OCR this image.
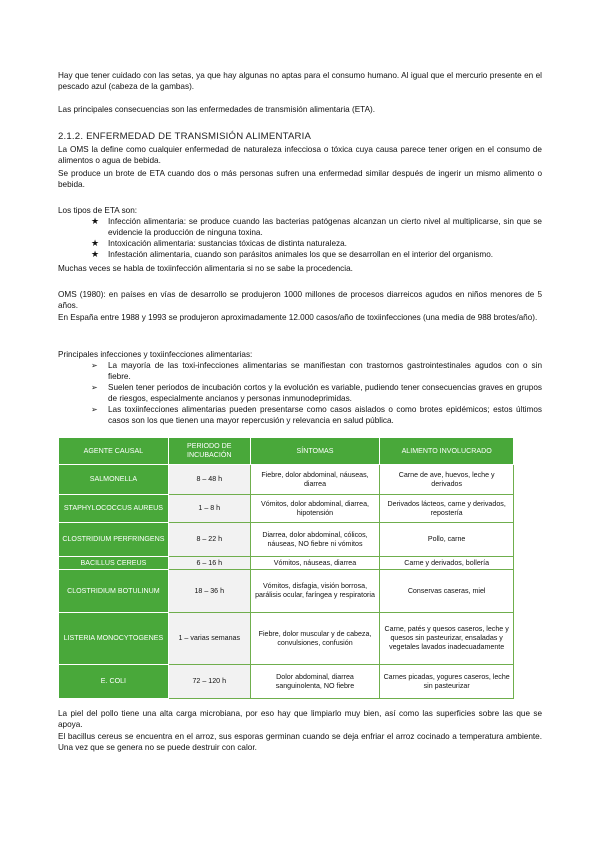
Hay que tener cuidado con las setas, ya que hay algunas no aptas para el consumo humano. Al igual que el mercurio presente en el pescado azul (cabeza de la gambas).

Las principales consecuencias son las enfermedades de transmisión alimentaria (ETA).

2.1.2. ENFERMEDAD DE TRANSMISIÓN ALIMENTARIA

La OMS la define como cualquier enfermedad de naturaleza infecciosa o tóxica cuya causa parece tener origen en el consumo de alimentos o agua de bebida.

Se produce un brote de ETA cuando dos o más personas sufren una enfermedad similar después de ingerir un mismo alimento o bebida.

Los tipos de ETA son:

★ Infección alimentaria: se produce cuando las bacterias patógenas alcanzan un cierto nivel al multiplicarse, sin que se evidencie la producción de ninguna toxina.
★ Intoxicación alimentaria: sustancias tóxicas de distinta naturaleza.
★ Infestación alimentaria, cuando son parásitos animales los que se desarrollan en el interior del organismo.

Muchas veces se habla de toxiinfección alimentaria si no se sabe la procedencia.

OMS (1980): en países en vías de desarrollo se produjeron 1000 millones de procesos diarreicos agudos en niños menores de 5 años.

En España entre 1988 y 1993 se produjeron aproximadamente 12.000 casos/año de toxiinfecciones (una media de 988 brotes/año).

Principales infecciones y toxiinfecciones alimentarias:

➢ La mayoría de las toxi-infecciones alimentarias se manifiestan con trastornos gastrointestinales agudos con o sin fiebre.
➢ Suelen tener periodos de incubación cortos y la evolución es variable, pudiendo tener consecuencias graves en grupos de riesgos, especialmente ancianos y personas inmunodeprimidas.
➢ Las toxiinfecciones alimentarias pueden presentarse como casos aislados o como brotes epidémicos; estos últimos casos son los que tienen una mayor repercusión y relevancia en salud pública.
AGENTE CAUSAL	PERIODO DE INCUBACIÓN	SÍNTOMAS	ALIMENTO INVOLUCRADO
SALMONELLA	8 – 48 h	Fiebre, dolor abdominal, náuseas, diarrea	Carne de ave, huevos, leche y derivados
STAPHYLOCOCCUS AUREUS	1 – 8 h	Vómitos, dolor abdominal, diarrea, hipotensión	Derivados lácteos, carne y derivados, repostería
CLOSTRIDIUM PERFRINGENS	8 – 22 h	Diarrea, dolor abdominal, cólicos, náuseas, NO fiebre ni vómitos	Pollo, carne
BACILLUS CEREUS	6 – 16 h	Vómitos, náuseas, diarrea	Carne y derivados, bollería
CLOSTRIDIUM BOTULINUM	18 – 36 h	Vómitos, disfagia, visión borrosa, parálisis ocular, faríngea y respiratoria	Conservas caseras, miel
LISTERIA MONOCYTOGENES	1 – varias semanas	Fiebre, dolor muscular y de cabeza, convulsiones, confusión	Carne, patés y quesos caseros, leche y quesos sin pasteurizar, ensaladas y vegetales lavados inadecuadamente
E. COLI	72 – 120 h	Dolor abdominal, diarrea sanguinolenta, NO fiebre	Carnes picadas, yogures caseros, leche sin pasteurizar

La piel del pollo tiene una alta carga microbiana, por eso hay que limpiarlo muy bien, así como las superficies sobre las que se apoya.

El bacillus cereus se encuentra en el arroz, sus esporas germinan cuando se deja enfriar el arroz cocinado a temperatura ambiente. Una vez que se genera no se puede destruir con calor.
